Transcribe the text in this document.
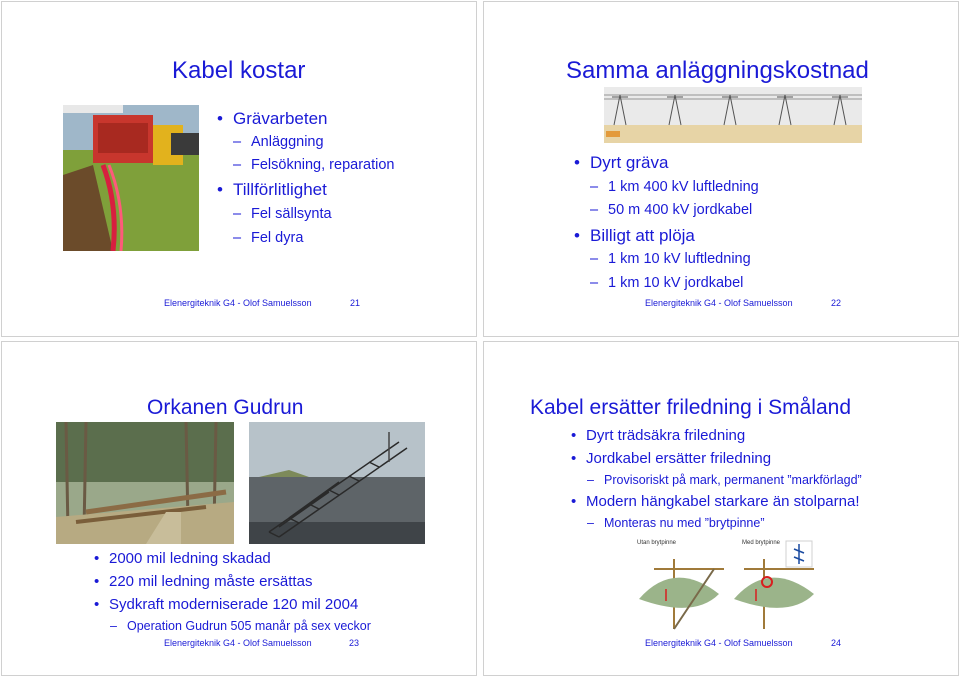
Kabel kostar
• Grävarbeten
– Anläggning
– Felsökning, reparation
• Tillförlitlighet
– Fel sällsynta
– Fel dyra
Elenergiteknik G4 - Olof Samuelsson	21
Samma anläggningskostnad
• Dyrt gräva
– 1 km 400 kV luftledning
– 50 m 400 kV jordkabel
• Billigt att plöja
– 1 km 10 kV luftledning
– 1 km 10 kV jordkabel
Elenergiteknik G4 - Olof Samuelsson	22
Orkanen Gudrun
• 2000 mil ledning skadad
• 220 mil ledning måste ersättas
• Sydkraft moderniserade 120 mil 2004
– Operation Gudrun 505 manår på sex veckor
Elenergiteknik G4 - Olof Samuelsson	23
Kabel ersätter friledning i Småland
• Dyrt trädsäkra friledning
• Jordkabel ersätter friledning
– Provisoriskt på mark, permanent ”markförlagd”
• Modern hängkabel starkare än stolparna!
– Monteras nu med ”brytpinne”
Utan brytpinne	Med brytpinne
Elenergiteknik G4 - Olof Samuelsson	24
